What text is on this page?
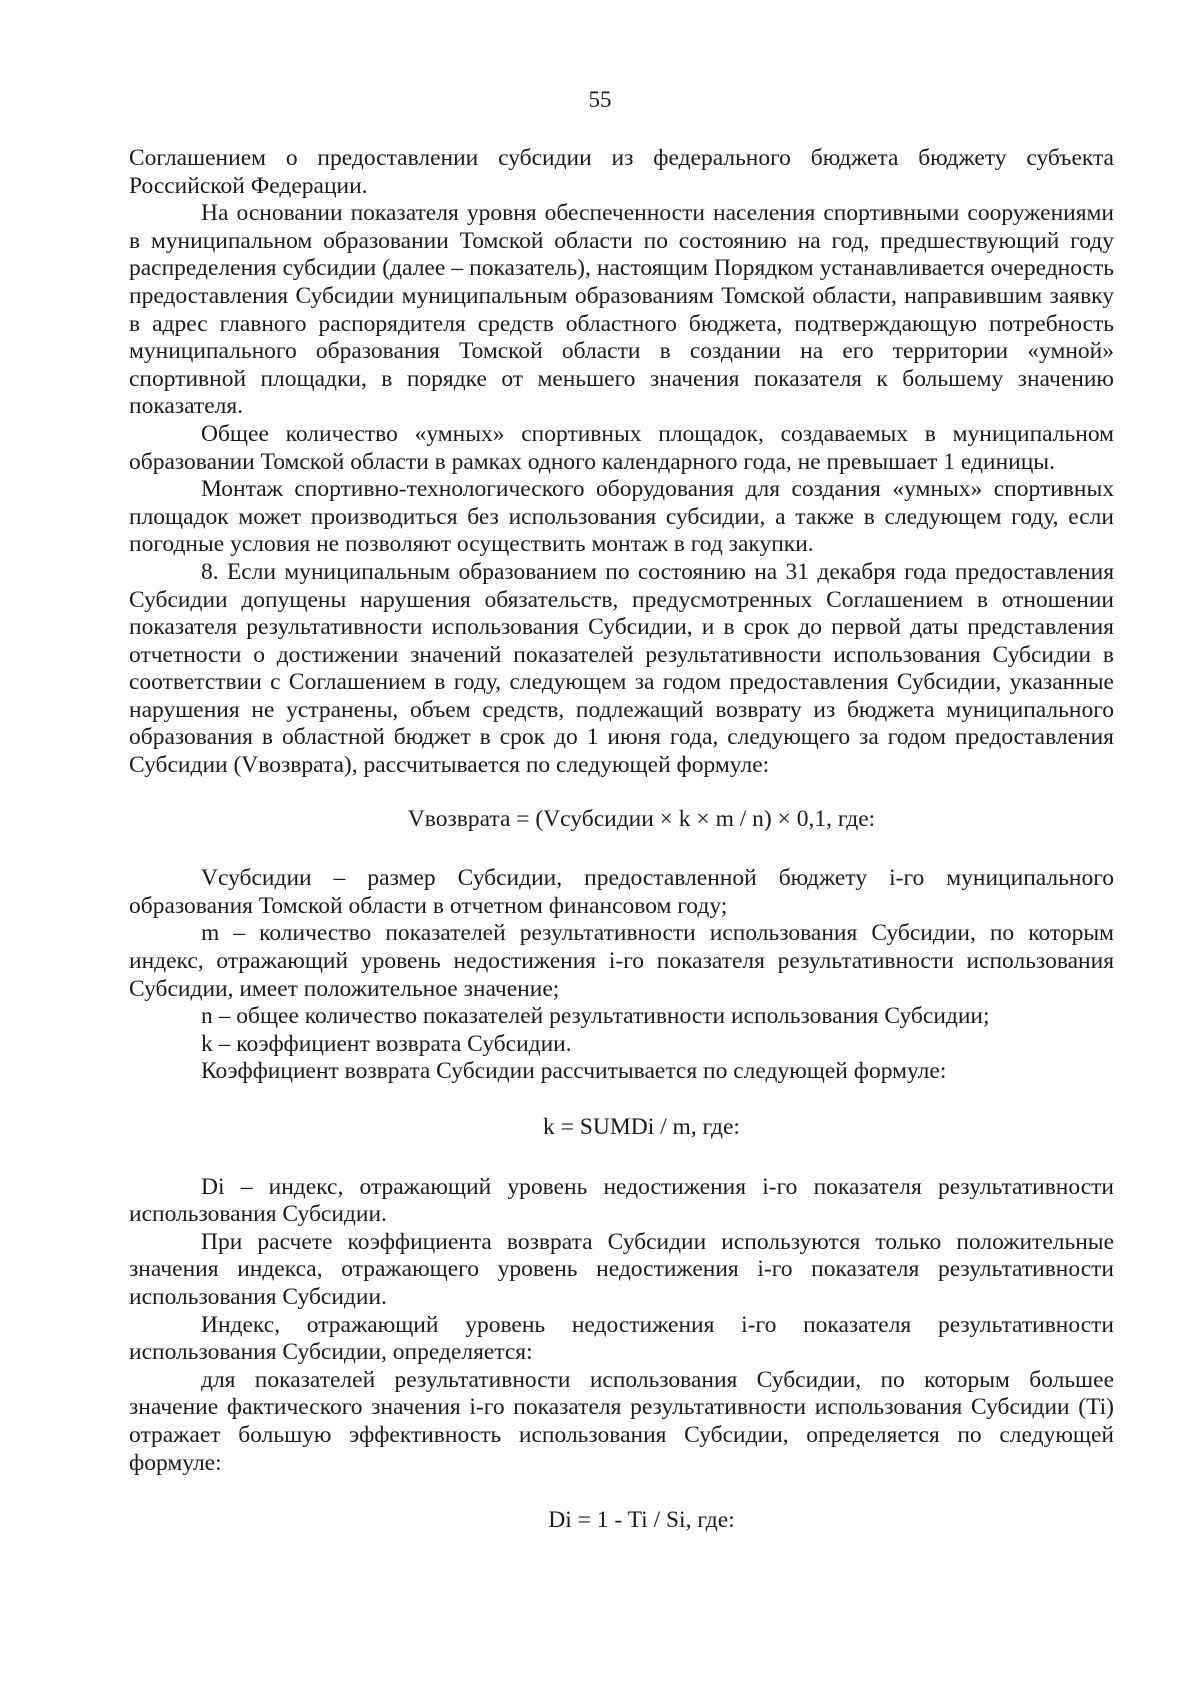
55

Соглашением о предоставлении субсидии из федерального бюджета бюджету субъекта Российской Федерации.

На основании показателя уровня обеспеченности населения спортивными сооружениями в муниципальном образовании Томской области по состоянию на год, предшествующий году распределения субсидии (далее – показатель), настоящим Порядком устанавливается очередность предоставления Субсидии муниципальным образованиям Томской области, направившим заявку в адрес главного распорядителя средств областного бюджета, подтверждающую потребность муниципального образования Томской области в создании на его территории «умной» спортивной площадки, в порядке от меньшего значения показателя к большему значению показателя.

Общее количество «умных» спортивных площадок, создаваемых в муниципальном образовании Томской области в рамках одного календарного года, не превышает 1 единицы.

Монтаж спортивно-технологического оборудования для создания «умных» спортивных площадок может производиться без использования субсидии, а также в следующем году, если погодные условия не позволяют осуществить монтаж в год закупки.

8. Если муниципальным образованием по состоянию на 31 декабря года предоставления Субсидии допущены нарушения обязательств, предусмотренных Соглашением в отношении показателя результативности использования Субсидии, и в срок до первой даты представления отчетности о достижении значений показателей результативности использования Субсидии в соответствии с Соглашением в году, следующем за годом предоставления Субсидии, указанные нарушения не устранены, объем средств, подлежащий возврату из бюджета муниципального образования в областной бюджет в срок до 1 июня года, следующего за годом предоставления Субсидии (Vвозврата), рассчитывается по следующей формуле:

Vвозврата = (Vсубсидии × k × m / n) × 0,1, где:

Vсубсидии – размер Субсидии, предоставленной бюджету i-го муниципального образования Томской области в отчетном финансовом году;

m – количество показателей результативности использования Субсидии, по которым индекс, отражающий уровень недостижения i-го показателя результативности использования Субсидии, имеет положительное значение;

n – общее количество показателей результативности использования Субсидии;

k – коэффициент возврата Субсидии.

Коэффициент возврата Субсидии рассчитывается по следующей формуле:

k = SUMDi / m, где:

Di – индекс, отражающий уровень недостижения i-го показателя результативности использования Субсидии.

При расчете коэффициента возврата Субсидии используются только положительные значения индекса, отражающего уровень недостижения i-го показателя результативности использования Субсидии.

Индекс, отражающий уровень недостижения i-го показателя результативности использования Субсидии, определяется:

для показателей результативности использования Субсидии, по которым большее значение фактического значения i-го показателя результативности использования Субсидии (Ti) отражает большую эффективность использования Субсидии, определяется по следующей формуле:

Di = 1 - Ti / Si, где:
